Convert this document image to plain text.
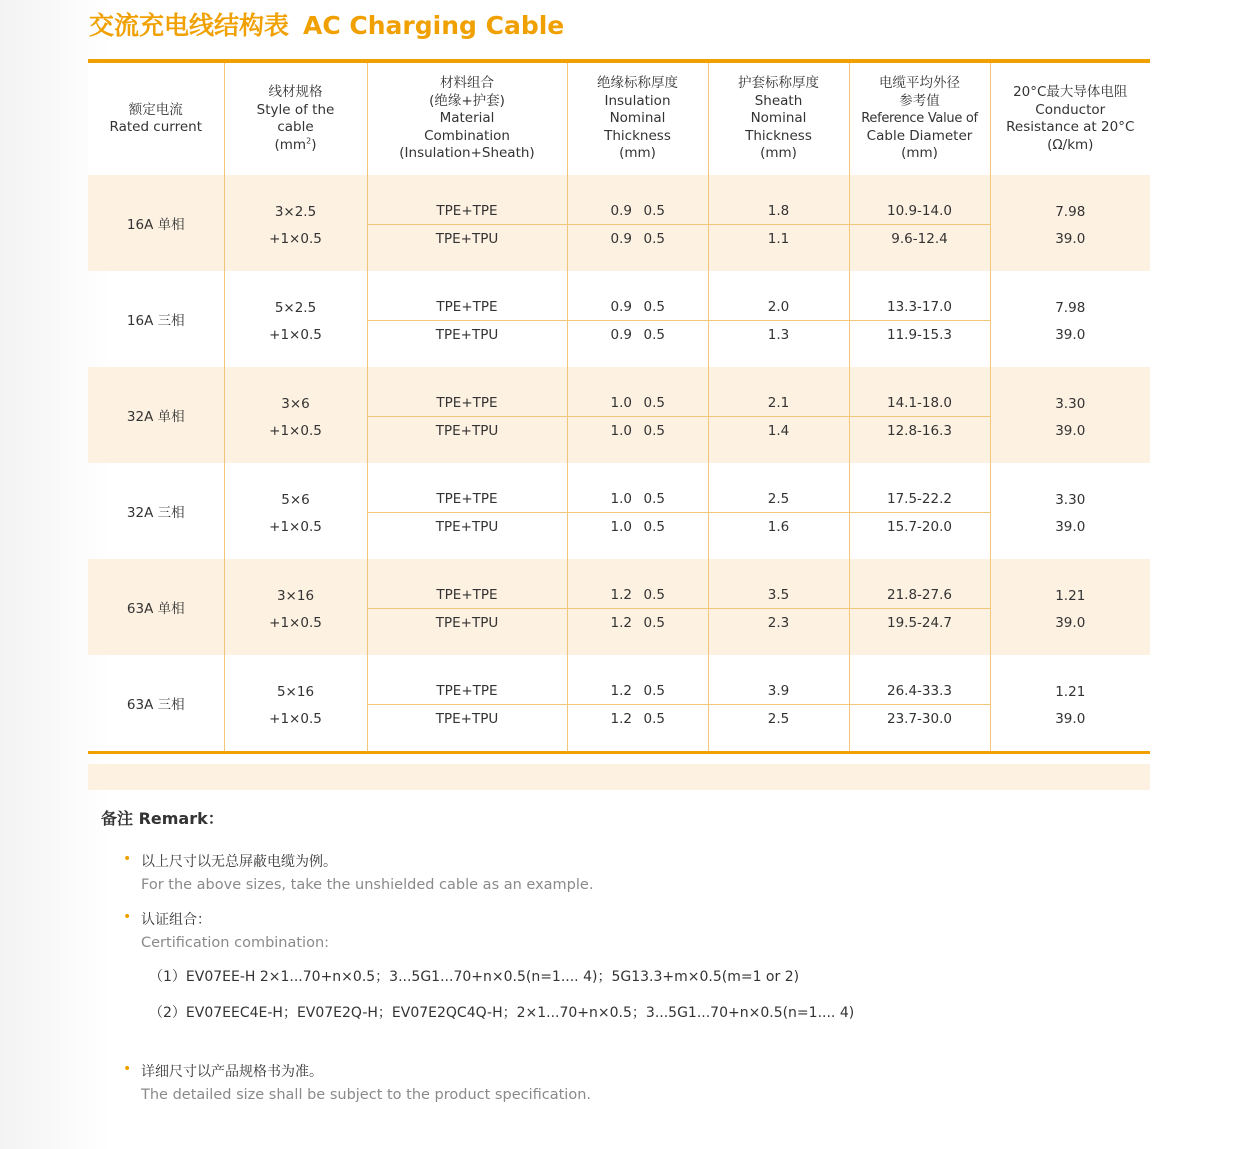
交流充电线结构表 AC Charging Cable
额定电流
Rated current	线材规格
Style of the
cable
$(mm^2)$	材料组合
(绝缘+护套)
Material
Combination
(Insulation+Sheath)	绝缘标称厚度
Insulation
Nominal
Thickness
(mm)	护套标称厚度
Sheath
Nominal
Thickness
(mm)	电缆平均外径
参考值
Reference Value of
Cable Diameter
(mm)	20°C最大导体电阻
Conductor
Resistance at 20°C
(Ω/km)

16A 单相	3×2.5	TPE+TPE	0.9 0.5	1.8	10.9-14.0	7.98
	+1×0.5	TPE+TPU	0.9 0.5	1.1	9.6-12.4	39.0
16A 三相	5×2.5	TPE+TPE	0.9 0.5	2.0	13.3-17.0	7.98
	+1×0.5	TPE+TPU	0.9 0.5	1.3	11.9-15.3	39.0
32A 单相	3×6	TPE+TPE	1.0 0.5	2.1	14.1-18.0	3.30
	+1×0.5	TPE+TPU	1.0 0.5	1.4	12.8-16.3	39.0
32A 三相	5×6	TPE+TPE	1.0 0.5	2.5	17.5-22.2	3.30
	+1×0.5	TPE+TPU	1.0 0.5	1.6	15.7-20.0	39.0
63A 单相	3×16	TPE+TPE	1.2 0.5	3.5	21.8-27.6	1.21
	+1×0.5	TPE+TPU	1.2 0.5	2.3	19.5-24.7	39.0
63A 三相	5×16	TPE+TPE	1.2 0.5	3.9	26.4-33.3	1.21
	+1×0.5	TPE+TPU	1.2 0.5	2.5	23.7-30.0	39.0
备注 Remark：
• 以上尺寸以无总屏蔽电缆为例。
For the above sizes, take the unshielded cable as an example.
• 认证组合：
Certification combination:
（1）EV07EE-H 2×1...70+n×0.5；3...5G1...70+n×0.5(n=1.... 4)；5G13.3+m×0.5(m=1 or 2)
（2）EV07EEC4E-H；EV07E2Q-H；EV07E2QC4Q-H；2×1...70+n×0.5；3...5G1...70+n×0.5(n=1.... 4)
• 详细尺寸以产品规格书为准。
The detailed size shall be subject to the product specification.
